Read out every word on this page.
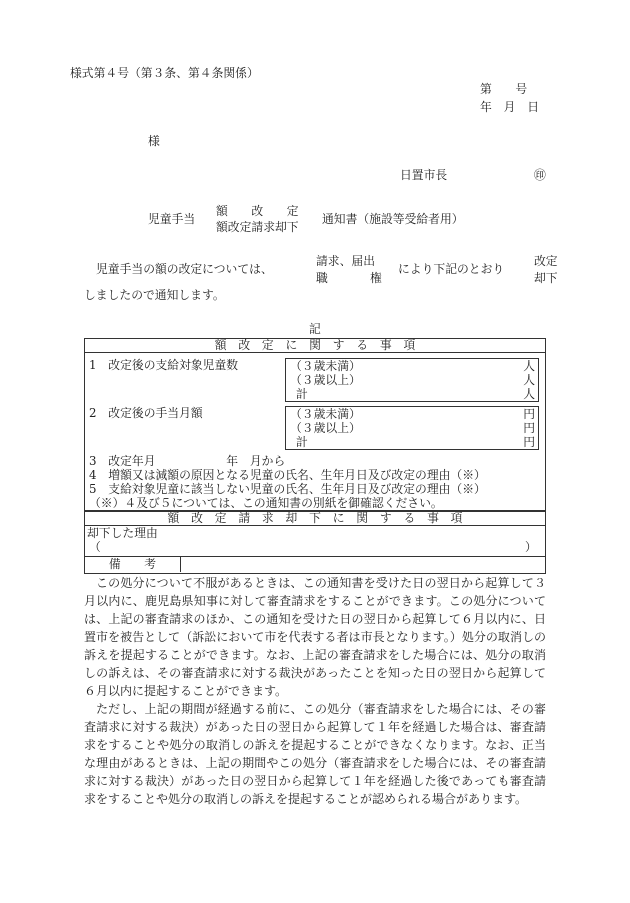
様式第４号（第３条、第４条関係）
第　　号
年　月　日
様
日置市長	㊞
児童手当
額　　改　　定
額改定請求却下
通知書（施設等受給者用）
児童手当の額の改定については、
請求、届出
職	権
により下記のとおり
改定
却下
しましたので通知します。
記
額　改　定　に　関　す　る　事　項
1　改定後の支給対象児童数	（３歳未満）	人
（３歳以上）	人
計	人
2　改定後の手当月額	（３歳未満）	円
（３歳以上）	円
計	円
3　改定年月　　　　　　年　月から
4　増額又は減額の原因となる児童の氏名、生年月日及び改定の理由（※）
5　支給対象児童に該当しない児童の氏名、生年月日及び改定の理由（※）
（※）４及び５については、この通知書の別紙を御確認ください。
額　改　定　請　求　却　下　に　関　す　る　事　項
却下した理由
（	）
備　　考
この処分について不服があるときは、この通知書を受けた日の翌日から起算して３月以内に、鹿児島県知事に対して審査請求をすることができます。この処分については、上記の審査請求のほか、この通知を受けた日の翌日から起算して６月以内に、日置市を被告として（訴訟において市を代表する者は市長となります。）処分の取消しの訴えを提起することができます。なお、上記の審査請求をした場合には、処分の取消しの訴えは、その審査請求に対する裁決があったことを知った日の翌日から起算して６月以内に提起することができます。
ただし、上記の期間が経過する前に、この処分（審査請求をした場合には、その審査請求に対する裁決）があった日の翌日から起算して１年を経過した場合は、審査請求をすることや処分の取消しの訴えを提起することができなくなります。なお、正当な理由があるときは、上記の期間やこの処分（審査請求をした場合には、その審査請求に対する裁決）があった日の翌日から起算して１年を経過した後であっても審査請求をすることや処分の取消しの訴えを提起することが認められる場合があります。
